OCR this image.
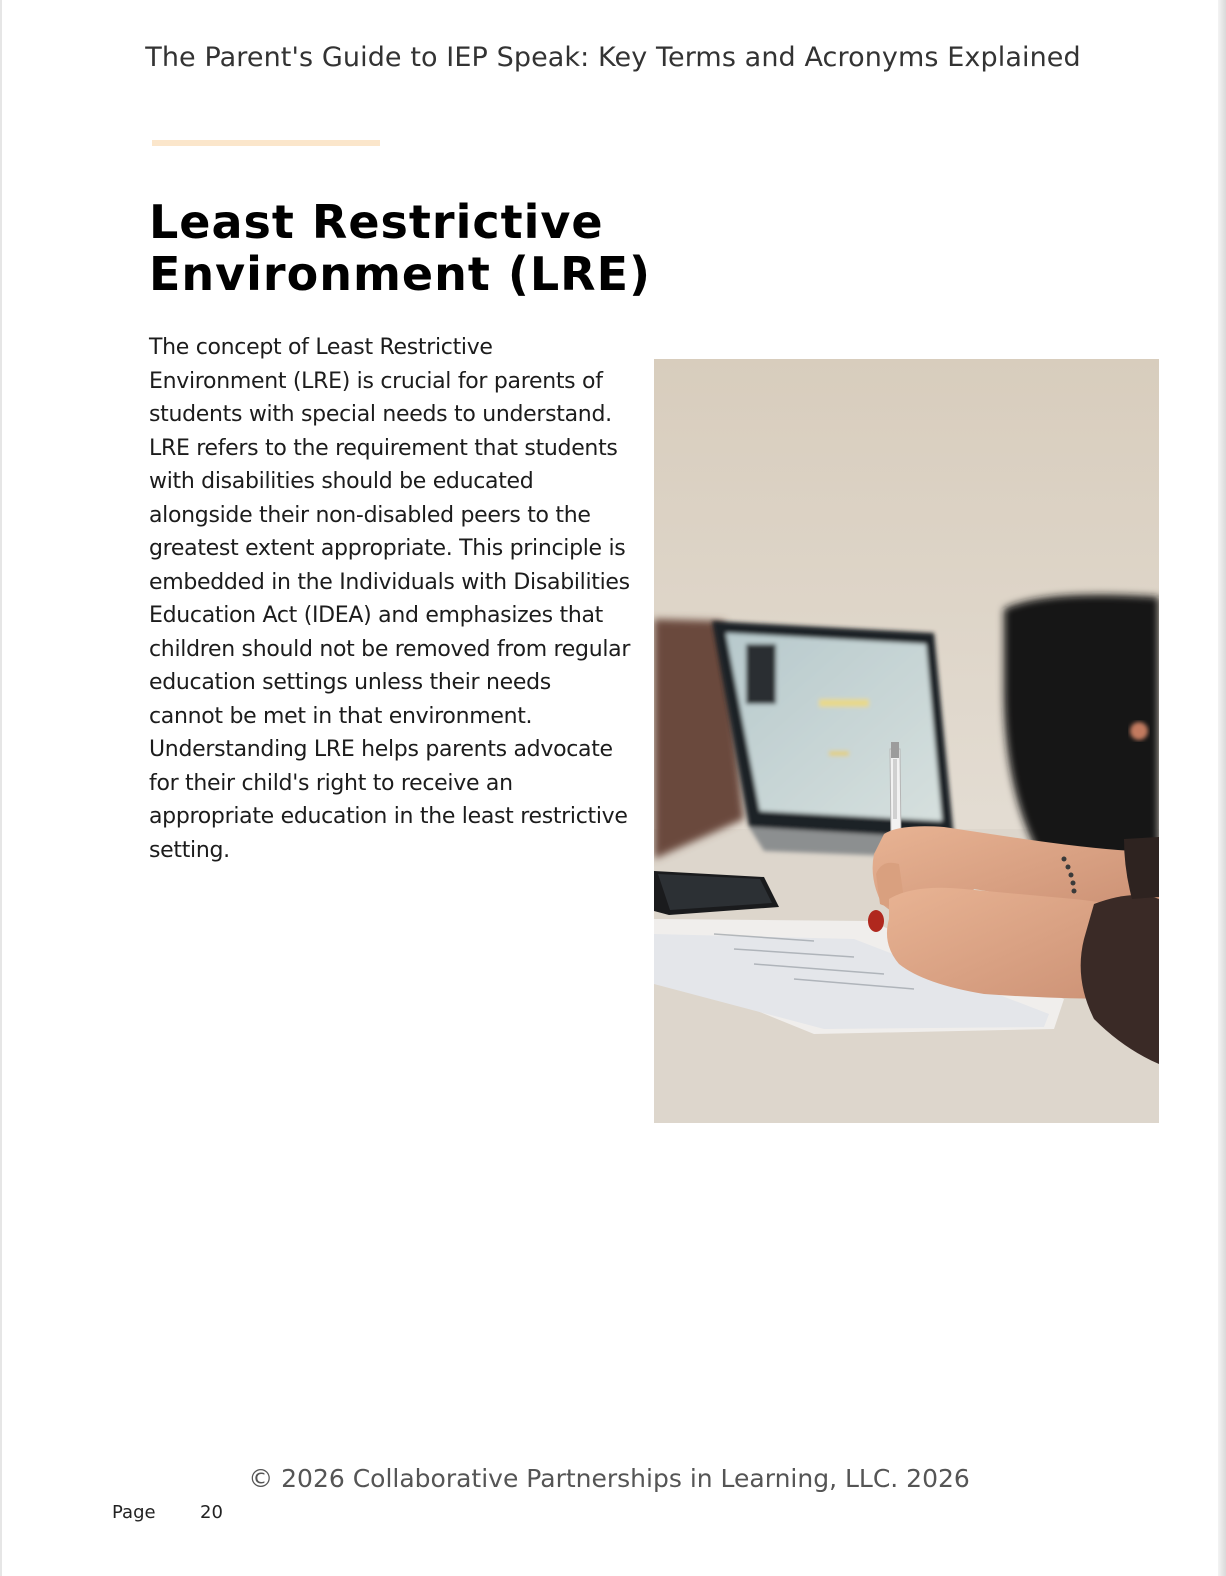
The Parent's Guide to IEP Speak: Key Terms and Acronyms Explained
Least Restrictive
Environment (LRE)

The concept of Least Restrictive Environment (LRE) is crucial for parents of students with special needs to understand. LRE refers to the requirement that students with disabilities should be educated alongside their non-disabled peers to the greatest extent appropriate. This principle is embedded in the Individuals with Disabilities Education Act (IDEA) and emphasizes that children should not be removed from regular education settings unless their needs cannot be met in that environment. Understanding LRE helps parents advocate for their child's right to receive an appropriate education in the least restrictive setting.

© 2026 Collaborative Partnerships in Learning, LLC. 2026
Page 20
